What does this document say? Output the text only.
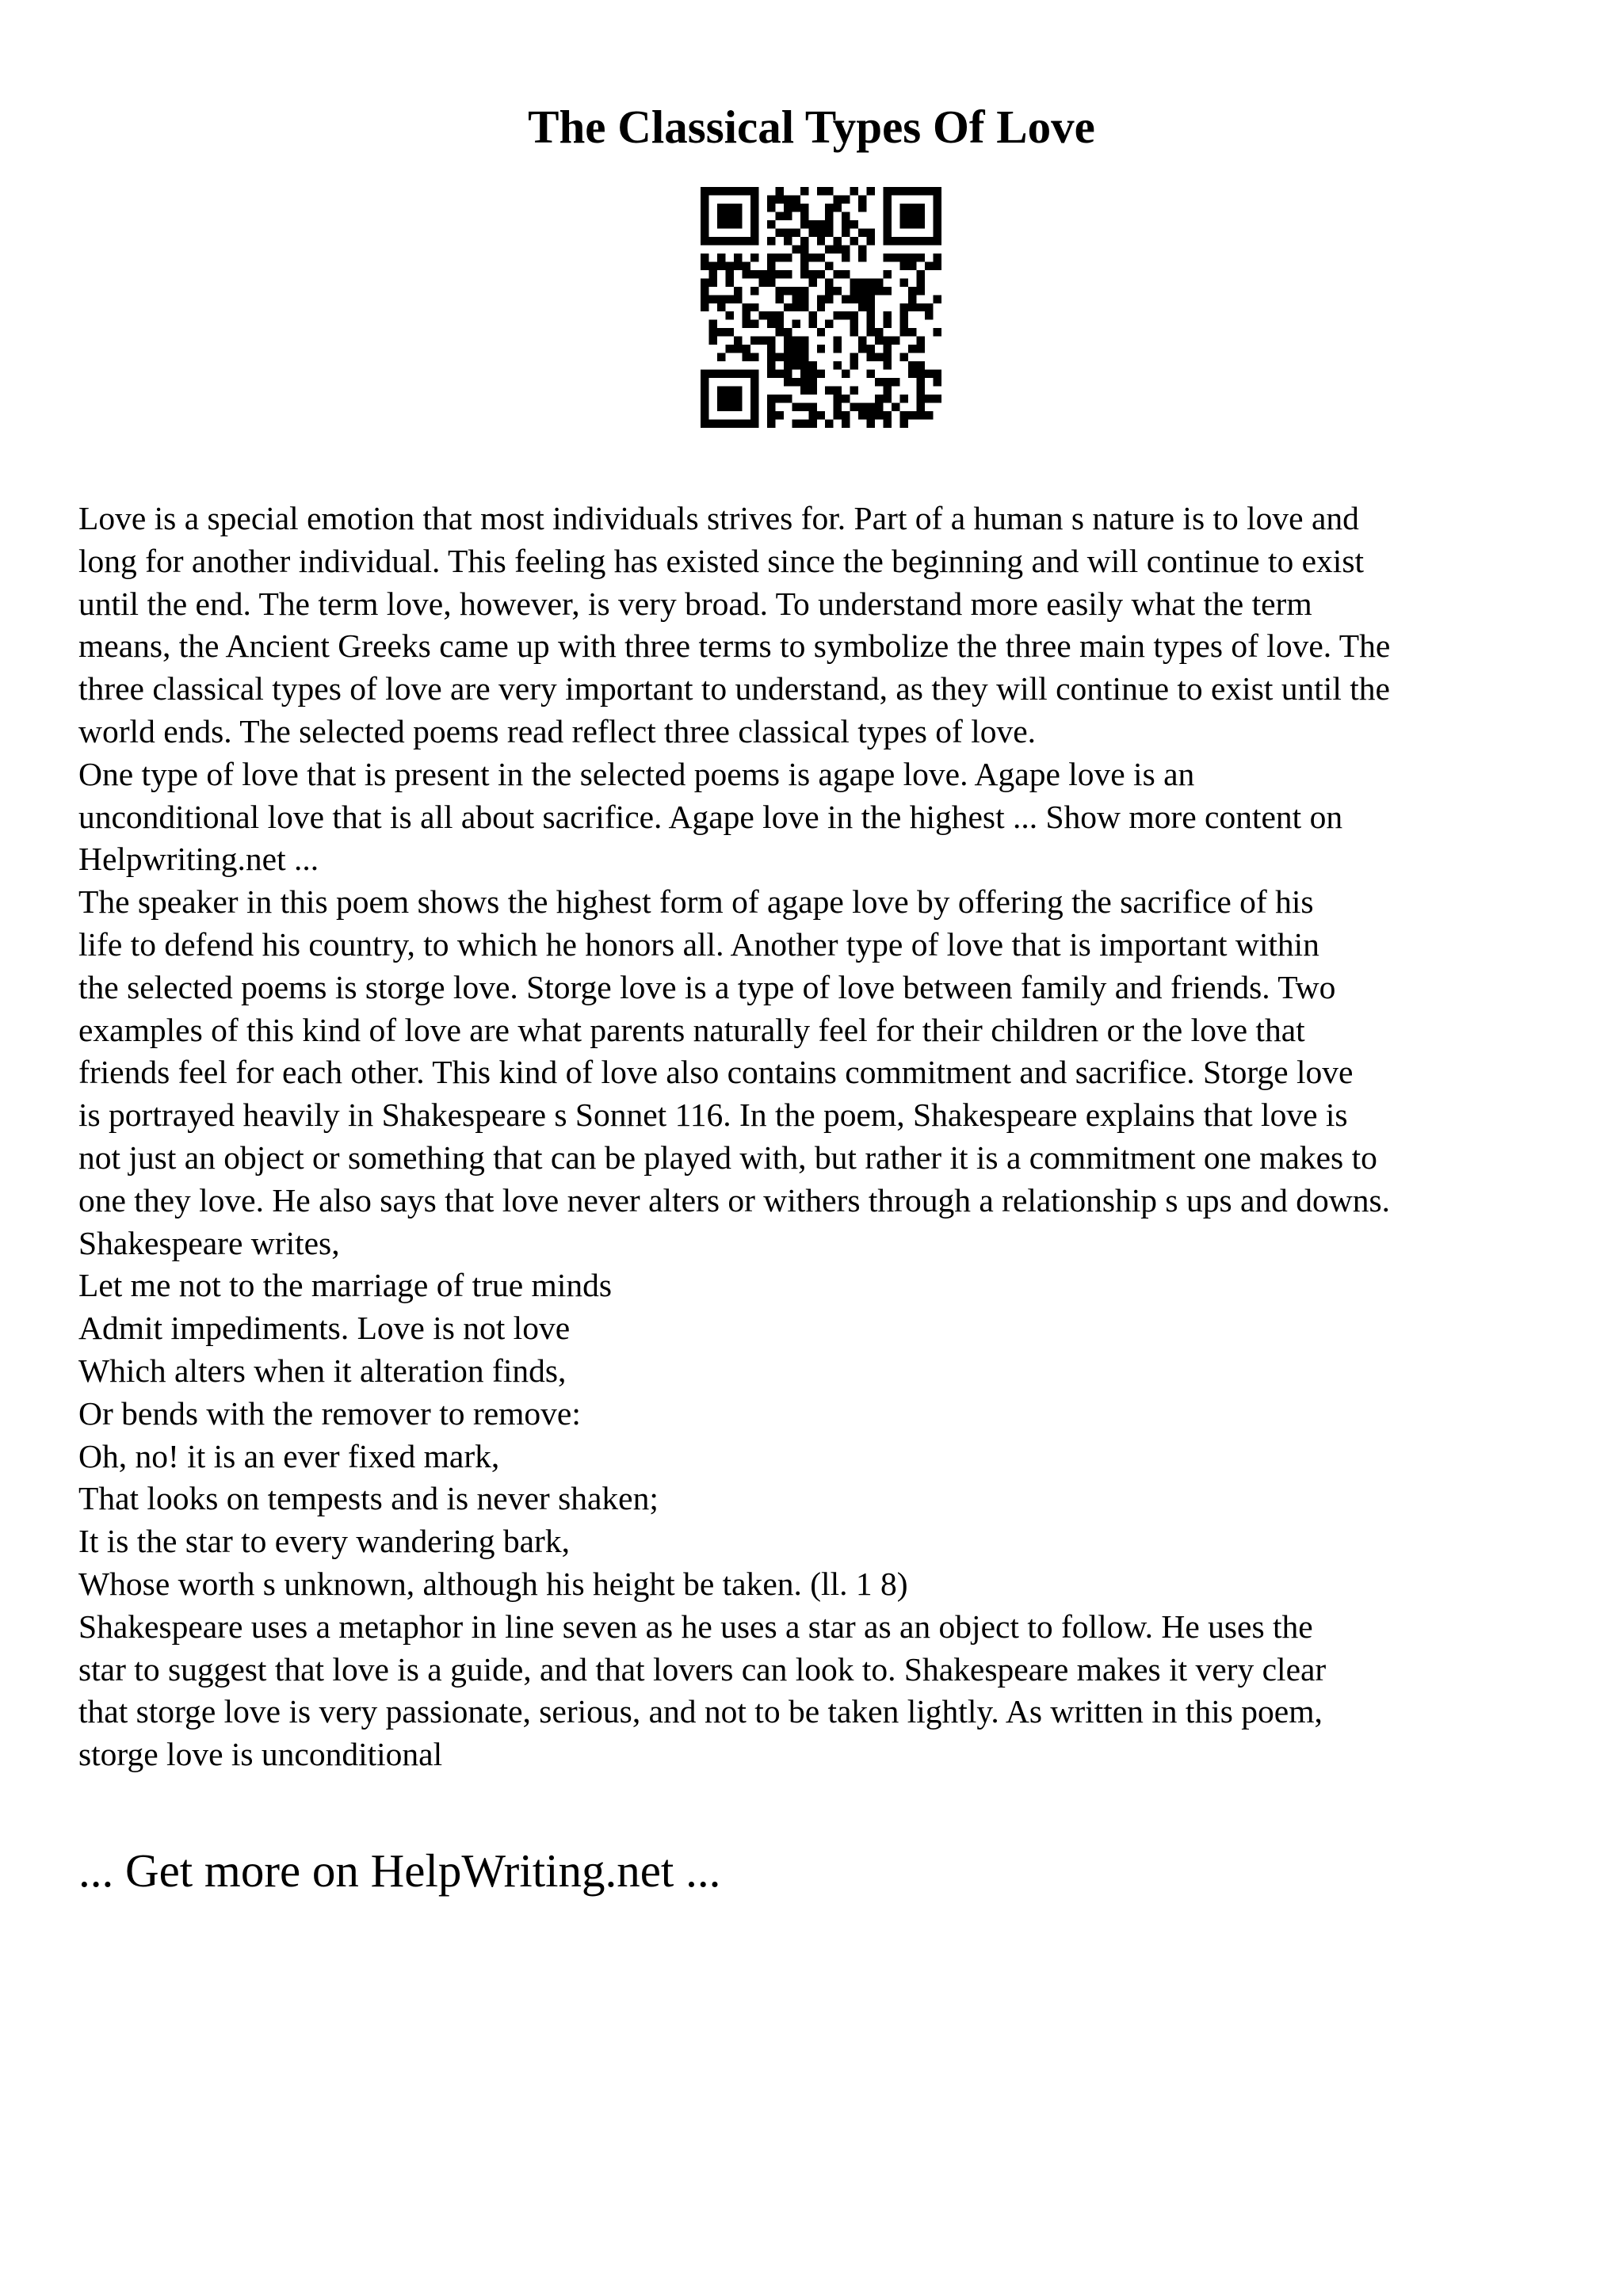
The Classical Types Of Love
Love is a special emotion that most individuals strives for. Part of a human s nature is to love and
long for another individual. This feeling has existed since the beginning and will continue to exist
until the end. The term love, however, is very broad. To understand more easily what the term
means, the Ancient Greeks came up with three terms to symbolize the three main types of love. The
three classical types of love are very important to understand, as they will continue to exist until the
world ends. The selected poems read reflect three classical types of love.
One type of love that is present in the selected poems is agape love. Agape love is an
unconditional love that is all about sacrifice. Agape love in the highest ... Show more content on
Helpwriting.net ...
The speaker in this poem shows the highest form of agape love by offering the sacrifice of his
life to defend his country, to which he honors all. Another type of love that is important within
the selected poems is storge love. Storge love is a type of love between family and friends. Two
examples of this kind of love are what parents naturally feel for their children or the love that
friends feel for each other. This kind of love also contains commitment and sacrifice. Storge love
is portrayed heavily in Shakespeare s Sonnet 116. In the poem, Shakespeare explains that love is
not just an object or something that can be played with, but rather it is a commitment one makes to
one they love. He also says that love never alters or withers through a relationship s ups and downs.
Shakespeare writes,
Let me not to the marriage of true minds
Admit impediments. Love is not love
Which alters when it alteration finds,
Or bends with the remover to remove:
Oh, no! it is an ever fixed mark,
That looks on tempests and is never shaken;
It is the star to every wandering bark,
Whose worth s unknown, although his height be taken. (ll. 1 8)
Shakespeare uses a metaphor in line seven as he uses a star as an object to follow. He uses the
star to suggest that love is a guide, and that lovers can look to. Shakespeare makes it very clear
that storge love is very passionate, serious, and not to be taken lightly. As written in this poem,
storge love is unconditional
... Get more on HelpWriting.net ...
